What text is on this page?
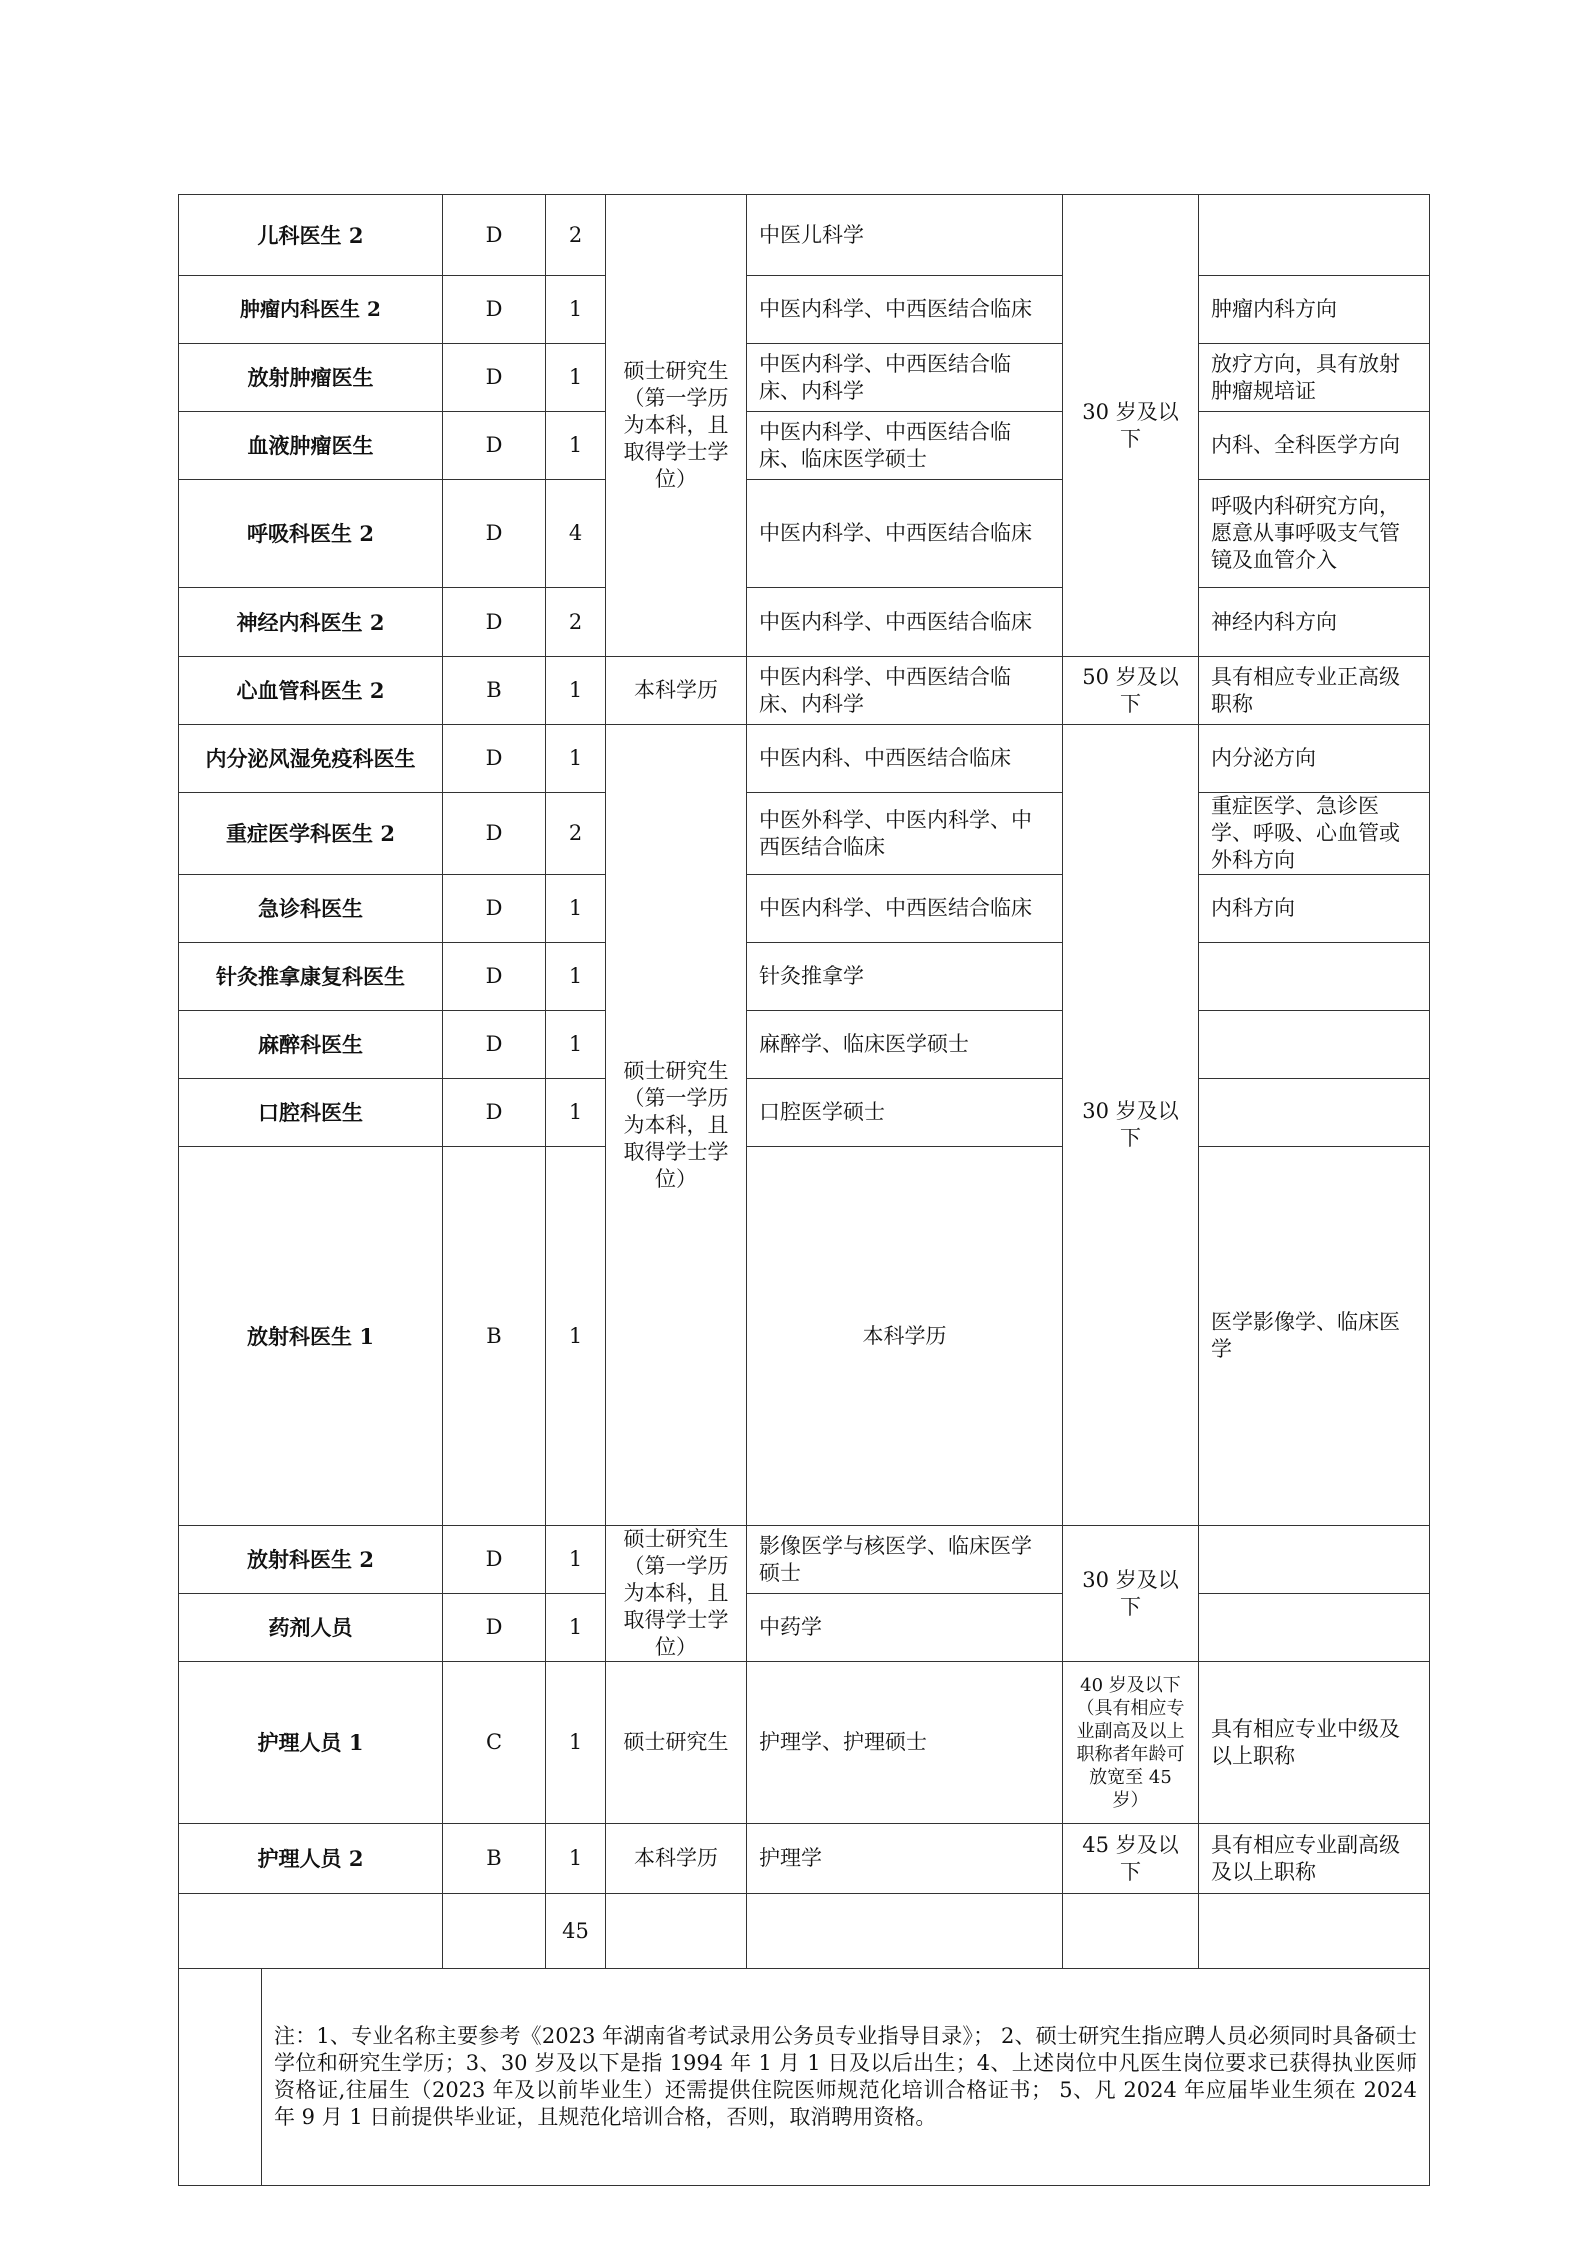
儿科医生 2		D	2	硕士研究生（第一学历为本科，且取得学士学位）	中医儿科学	30 岁及以下		
肿瘤内科医生 2		D	1		中医内科学、中西医结合临床		肿瘤内科方向	
放射肿瘤医生		D	1		中医内科学、中西医结合临床、内科学		放疗方向，具有放射肿瘤规培证	
血液肿瘤医生		D	1		中医内科学、中西医结合临床、临床医学硕士		内科、全科医学方向	
呼吸科医生 2		D	4		中医内科学、中西医结合临床		呼吸内科研究方向，愿意从事呼吸支气管镜及血管介入	
神经内科医生 2		D	2		中医内科学、中西医结合临床		神经内科方向	
心血管科医生 2		B	1	本科学历	中医内科学、中西医结合临床、内科学	50 岁及以下	具有相应专业正高级职称	
内分泌风湿免疫科医生		D	1	硕士研究生（第一学历为本科，且取得学士学位）	中医内科、中西医结合临床	30 岁及以下	内分泌方向	
重症医学科医生 2		D	2		中医外科学、中医内科学、中西医结合临床		重症医学、急诊医学、呼吸、心血管或外科方向	
急诊科医生		D	1		中医内科学、中西医结合临床		内科方向	
针灸推拿康复科医生		D	1		针灸推拿学			
麻醉科医生		D	1		麻醉学、临床医学硕士			
口腔科医生		D	1		口腔医学硕士			
放射科医生 1		B	1		本科学历		医学影像学、临床医学		
放射科医生 2		D	1	硕士研究生（第一学历为本科，且取得学士学位）	影像医学与核医学、临床医学硕士	30 岁及以下		
药剂人员		D	1		中药学			
护理人员 1		C	1	硕士研究生	护理学、护理硕士	40 岁及以下（具有相应专业副高及以上职称者年龄可放宽至 45 岁）	具有相应专业中级及以上职称	
护理人员 2		B	1	本科学历	护理学	45 岁及以下	具有相应专业副高级及以上职称	
			45					
	注：1、专业名称主要参考《2023 年湖南省考试录用公务员专业指导目录》； 2、硕士研究生指应聘人员必须同时具备硕士学位和研究生学历；3、30 岁及以下是指 1994 年 1 月 1 日及以后出生；4、上述岗位中凡医生岗位要求已获得执业医师资格证,往届生（2023 年及以前毕业生）还需提供住院医师规范化培训合格证书； 5、凡 2024 年应届毕业生须在 2024 年 9 月 1 日前提供毕业证，且规范化培训合格，否则，取消聘用资格。							
